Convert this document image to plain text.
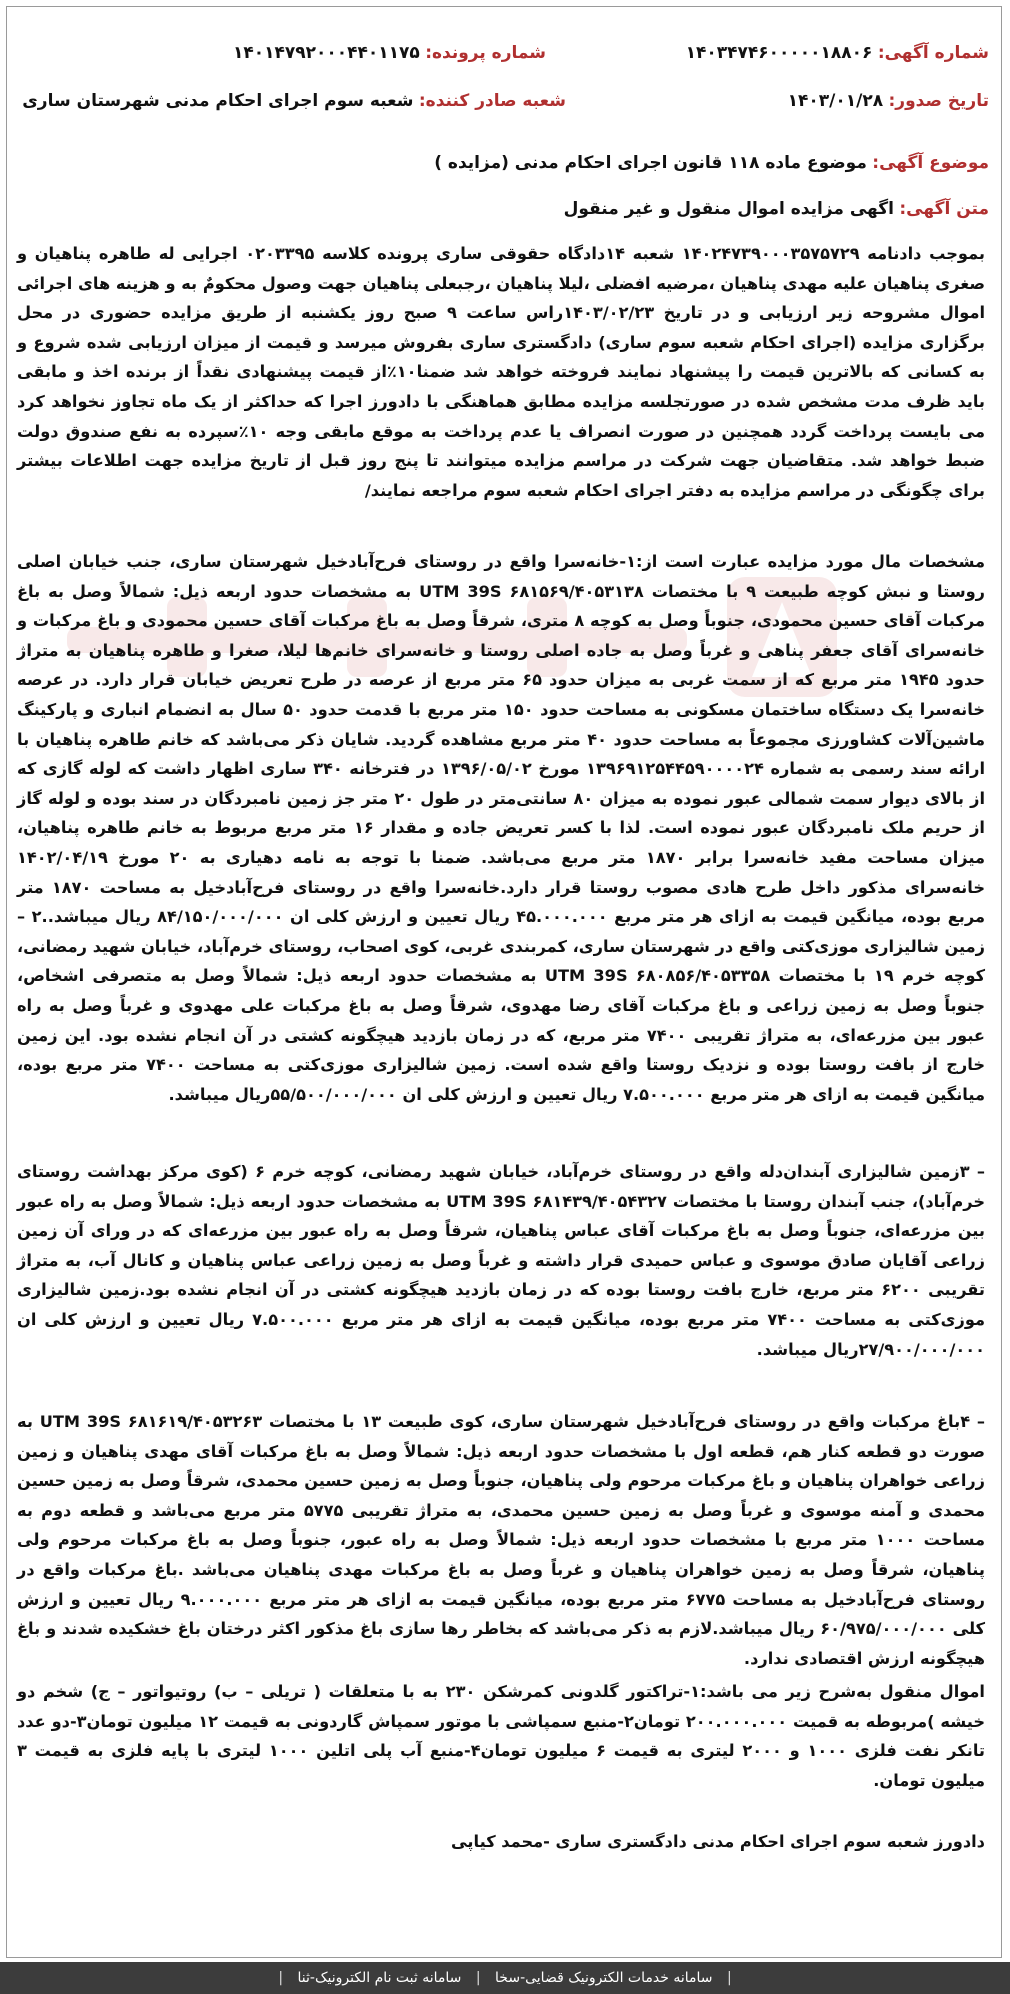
شماره آگهی: ۱۴۰۳۴۷۴۶۰۰۰۰۰۱۸۸۰۶
شماره پرونده: ۱۴۰۱۴۷۹۲۰۰۰۴۴۰۱۱۷۵
تاریخ صدور: ۱۴۰۳/۰۱/۲۸
شعبه صادر کننده: شعبه سوم اجرای احکام مدنی شهرستان ساری
موضوع آگهی: موضوع ماده ۱۱۸ قانون اجرای احکام مدنی (مزایده )
متن آگهی: اگهی مزایده اموال منقول و غیر منقول

بموجب دادنامه ۱۴۰۲۴۷۳۹۰۰۰۳۵۷۵۷۲۹ شعبه ۱۴دادگاه حقوقی ساری پرونده کلاسه ۰۲۰۳۳۹۵ اجرایی له طاهره پناهیان و صغری پناهیان علیه مهدی پناهیان ،مرضیه افضلی ،لیلا پناهیان ،رجبعلی پناهیان جهت وصول محکومٌ به و هزینه های اجرائی اموال مشروحه زیر ارزیابی و در تاریخ ۱۴۰۳/۰۲/۲۳راس ساعت ۹ صبح روز یکشنبه از طریق مزایده حضوری در محل برگزاری مزایده (اجرای احکام شعبه سوم ساری) دادگستری ساری بفروش میرسد و قیمت از میزان ارزیابی شده شروع و به کسانی که بالاترین قیمت را پیشنهاد نمایند فروخته خواهد شد ضمنا۱۰٪از قیمت پیشنهادی نقداً از برنده اخذ و مابقی باید ظرف مدت مشخص شده در صورتجلسه مزایده مطابق هماهنگی با دادورز اجرا که حداکثر از یک ماه تجاوز نخواهد کرد می بایست پرداخت گردد همچنین در صورت انصراف یا عدم پرداخت به موقع مابقی وجه ۱۰٪سپرده به نفع صندوق دولت ضبط خواهد شد. متقاضیان جهت شرکت در مراسم مزایده میتوانند تا پنج روز قبل از تاریخ مزایده جهت اطلاعات بیشتر برای چگونگی در مراسم مزایده به دفتر اجرای احکام شعبه سوم مراجعه نمایند/

مشخصات مال مورد مزایده عبارت است از:۱-خانه‌سرا واقع در روستای فرح‌آبادخیل شهرستان ساری، جنب خیابان اصلی روستا و نبش کوچه طبیعت ۹ با مختصات UTM 39S ۶۸۱۵۶۹/۴۰۵۳۱۳۸ به مشخصات حدود اربعه ذیل: شمالاً وصل به باغ مرکبات آقای حسین محمودی، جنوباً وصل به کوچه ۸ متری، شرقاً وصل به باغ مرکبات آقای حسین محمودی و باغ مرکبات و خانه‌سرای آقای جعفر پناهی و غرباً وصل به جاده اصلی روستا و خانه‌سرای خانم‌ها لیلا، صغرا و طاهره پناهیان به متراژ حدود ۱۹۴۵ متر مربع که از سمت غربی به میزان حدود ۶۵ متر مربع از عرصه در طرح تعریض خیابان قرار دارد. در عرصه خانه‌سرا یک دستگاه ساختمان مسکونی به مساحت حدود ۱۵۰ متر مربع با قدمت حدود ۵۰ سال به انضمام انباری و پارکینگ ماشین‌آلات کشاورزی مجموعاً به مساحت حدود ۴۰ متر مربع مشاهده گردید. شایان ذکر می‌باشد که خانم طاهره پناهیان با ارائه سند رسمی به شماره ۱۳۹۶۹۱۲۵۴۴۵۹۰۰۰۰۲۴ مورخ ۱۳۹۶/۰۵/۰۲ در فترخانه ۳۴۰ ساری اظهار داشت که لوله گازی که از بالای دیوار سمت شمالی عبور نموده به میزان ۸۰ سانتی‌متر در طول ۲۰ متر جز زمین نامبردگان در سند بوده و لوله گاز از حریم ملک نامبردگان عبور نموده است. لذا با کسر تعریض جاده و مقدار ۱۶ متر مربع مربوط به خانم طاهره پناهیان، میزان مساحت مفید خانه‌سرا برابر ۱۸۷۰ متر مربع می‌باشد. ضمنا با توجه به نامه دهیاری به ۲۰ مورخ ۱۴۰۲/۰۴/۱۹ خانه‌سرای مذکور داخل طرح هادی مصوب روستا قرار دارد.خانه‌سرا واقع در روستای فرح‌آبادخیل به مساحت ۱۸۷۰ متر مربع بوده، میانگین قیمت به ازای هر متر مربع ۴۵.۰۰۰.۰۰۰ ریال تعیین و ارزش کلی ان ۸۴/۱۵۰/۰۰۰/۰۰۰ ریال میباشد..۲ – زمین شالیزاری موزی‌کتی واقع در شهرستان ساری، کمربندی غربی، کوی اصحاب، روستای خرم‌آباد، خیابان شهید رمضانی، کوچه خرم ۱۹ با مختصات UTM 39S ۶۸۰۸۵۶/۴۰۵۳۳۵۸ به مشخصات حدود اربعه ذیل: شمالاً وصل به متصرفی اشخاص، جنوباً وصل به زمین زراعی و باغ مرکبات آقای رضا مهدوی، شرقاً وصل به باغ مرکبات علی مهدوی و غرباً وصل به راه عبور بین مزرعه‌ای، به متراژ تقریبی ۷۴۰۰ متر مربع، که در زمان بازدید هیچگونه کشتی در آن انجام نشده بود. این زمین خارج از بافت روستا بوده و نزدیک روستا واقع شده است. زمین شالیزاری موزی‌کتی به مساحت ۷۴۰۰ متر مربع بوده، میانگین قیمت به ازای هر متر مربع ۷.۵۰۰.۰۰۰ ریال تعیین و ارزش کلی ان ۵۵/۵۰۰/۰۰۰/۰۰۰ریال میباشد.

– ۳زمین شالیزاری آبندان‌دله واقع در روستای خرم‌آباد، خیابان شهید رمضانی، کوچه خرم ۶ (کوی مرکز بهداشت روستای خرم‌آباد)، جنب آبندان روستا با مختصات UTM 39S ۶۸۱۴۳۹/۴۰۵۴۳۲۷ به مشخصات حدود اربعه ذیل: شمالاً وصل به راه عبور بین مزرعه‌ای، جنوباً وصل به باغ مرکبات آقای عباس پناهیان، شرقاً وصل به راه عبور بین مزرعه‌ای که در ورای آن زمین زراعی آقایان صادق موسوی و عباس حمیدی قرار داشته و غرباً وصل به زمین زراعی عباس پناهیان و کانال آب، به متراژ تقریبی ۶۲۰۰ متر مربع، خارج بافت روستا بوده که در زمان بازدید هیچگونه کشتی در آن انجام نشده بود.زمین شالیزاری موزی‌کتی به مساحت ۷۴۰۰ متر مربع بوده، میانگین قیمت به ازای هر متر مربع ۷.۵۰۰.۰۰۰ ریال تعیین و ارزش کلی ان ۲۷/۹۰۰/۰۰۰/۰۰۰ریال میباشد.

– ۴باغ مرکبات واقع در روستای فرح‌آبادخیل شهرستان ساری، کوی طبیعت ۱۳ با مختصات UTM 39S ۶۸۱۶۱۹/۴۰۵۳۲۶۳ به صورت دو قطعه کنار هم، قطعه اول با مشخصات حدود اربعه ذیل: شمالاً وصل به باغ مرکبات آقای مهدی پناهیان و زمین زراعی خواهران پناهیان و باغ مرکبات مرحوم ولی پناهیان، جنوباً وصل به زمین حسین محمدی، شرقاً وصل به زمین حسین محمدی و آمنه موسوی و غرباً وصل به زمین حسین محمدی، به متراژ تقریبی ۵۷۷۵ متر مربع می‌باشد و قطعه دوم به مساحت ۱۰۰۰ متر مربع با مشخصات حدود اربعه ذیل: شمالاً وصل به راه عبور، جنوباً وصل به باغ مرکبات مرحوم ولی پناهیان، شرقاً وصل به زمین خواهران پناهیان و غرباً وصل به باغ مرکبات مهدی پناهیان می‌باشد .باغ مرکبات واقع در روستای فرح‌آبادخیل به مساحت ۶۷۷۵ متر مربع بوده، میانگین قیمت به ازای هر متر مربع ۹.۰۰۰.۰۰۰ ریال تعیین و ارزش کلی ۶۰/۹۷۵/۰۰۰/۰۰۰ ریال میباشد.لازم به ذکر می‌باشد که بخاطر رها سازی باغ مذکور اکثر درختان باغ خشکیده شدند و باغ هیچگونه ارزش اقتصادی ندارد.

اموال منقول به‌شرح زیر می باشد:۱-تراکتور گلدونی کمرشکن ۲۳۰ به با متعلقات ( تریلی – ب) روتیواتور – ج) شخم دو خیشه )مربوطه به قمیت ۲۰۰.۰۰۰.۰۰۰ تومان۲-منبع سمپاشی با موتور سمپاش گاردونی به قیمت ۱۲ میلیون تومان۳-دو عدد تانکر نفت فلزی ۱۰۰۰ و ۲۰۰۰ لیتری به قیمت ۶ میلیون تومان۴-منبع آب پلی اتلین ۱۰۰۰ لیتری با پایه فلزی به قیمت ۳ میلیون تومان.

دادورز شعبه سوم اجرای احکام مدنی دادگستری ساری -محمد کیاپی

| سامانه خدمات الکترونیک قضایی-سخا | سامانه ثبت نام الکترونیک-ثنا |
